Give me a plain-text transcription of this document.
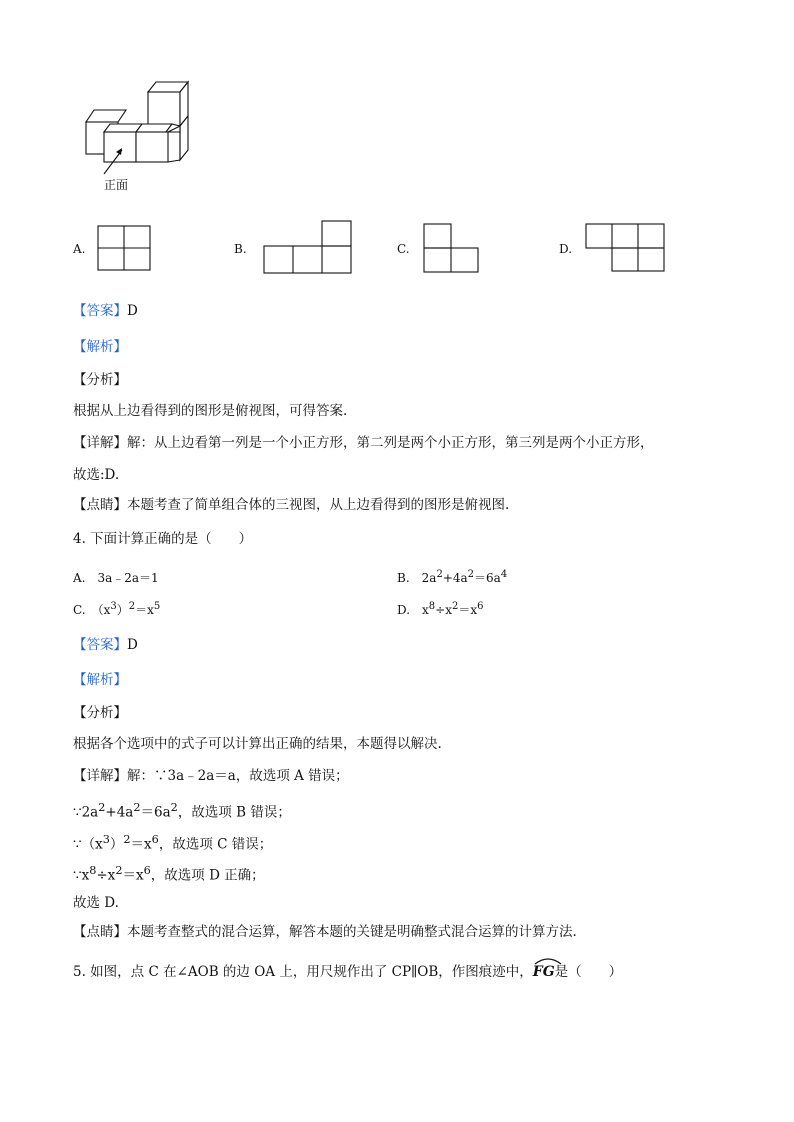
正面
A.	B.	C.	D.
【答案】D
【解析】
【分析】
根据从上边看得到的图形是俯视图，可得答案.
【详解】解：从上边看第一列是一个小正方形，第二列是两个小正方形，第三列是两个小正方形，
故选:D.
【点睛】本题考查了简单组合体的三视图，从上边看得到的图形是俯视图.
4. 下面计算正确的是（　　）
A.　3a﹣2a＝1	B.　$2a^2+4a^2=6a^4$
C.　$(x^3)^2=x^5$	D.　$x^8\div x^2=x^6$
【答案】D
【解析】
【分析】
根据各个选项中的式子可以计算出正确的结果，本题得以解决.
【详解】解：∵3a﹣2a＝a，故选项 A 错误；
$\because 2a^2+4a^2=6a^2$，故选项 B 错误；
$\because(x^3)^2=x^6$，故选项 C 错误；
$\because x^8\div x^2=x^6$，故选项 D 正确；
故选 D.
【点睛】本题考查整式的混合运算，解答本题的关键是明确整式混合运算的计算方法.
5. 如图，点 C 在∠AOB 的边 OA 上，用尺规作出了 CP∥OB，作图痕迹中，
FG是（　　）
